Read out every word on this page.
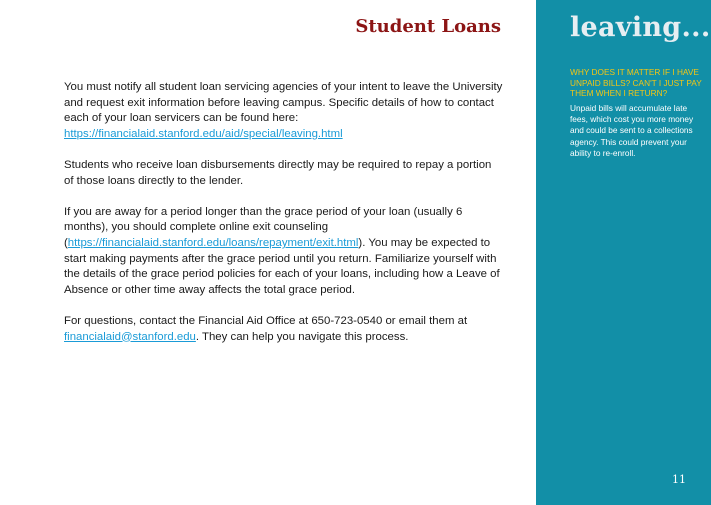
Student Loans

You must notify all student loan servicing agencies of your intent to leave the University and request exit information before leaving campus. Specific details of how to contact each of your loan servicers can be found here:
https://financialaid.stanford.edu/aid/special/leaving.html

Students who receive loan disbursements directly may be required to repay a portion of those loans directly to the lender.

If you are away for a period longer than the grace period of your loan (usually 6 months), you should complete online exit counseling (https://financialaid.stanford.edu/loans/repayment/exit.html). You may be expected to start making payments after the grace period until you return. Familiarize yourself with the details of the grace period policies for each of your loans, including how a Leave of Absence or other time away affects the total grace period.

For questions, contact the Financial Aid Office at 650-723-0540 or email them at financialaid@stanford.edu. They can help you navigate this process.

leaving...
WHY DOES IT MATTER IF I HAVE UNPAID BILLS? CAN'T I JUST PAY THEM WHEN I RETURN?
Unpaid bills will accumulate late fees, which cost you more money and could be sent to a collections agency. This could prevent your ability to re-enroll.
11
